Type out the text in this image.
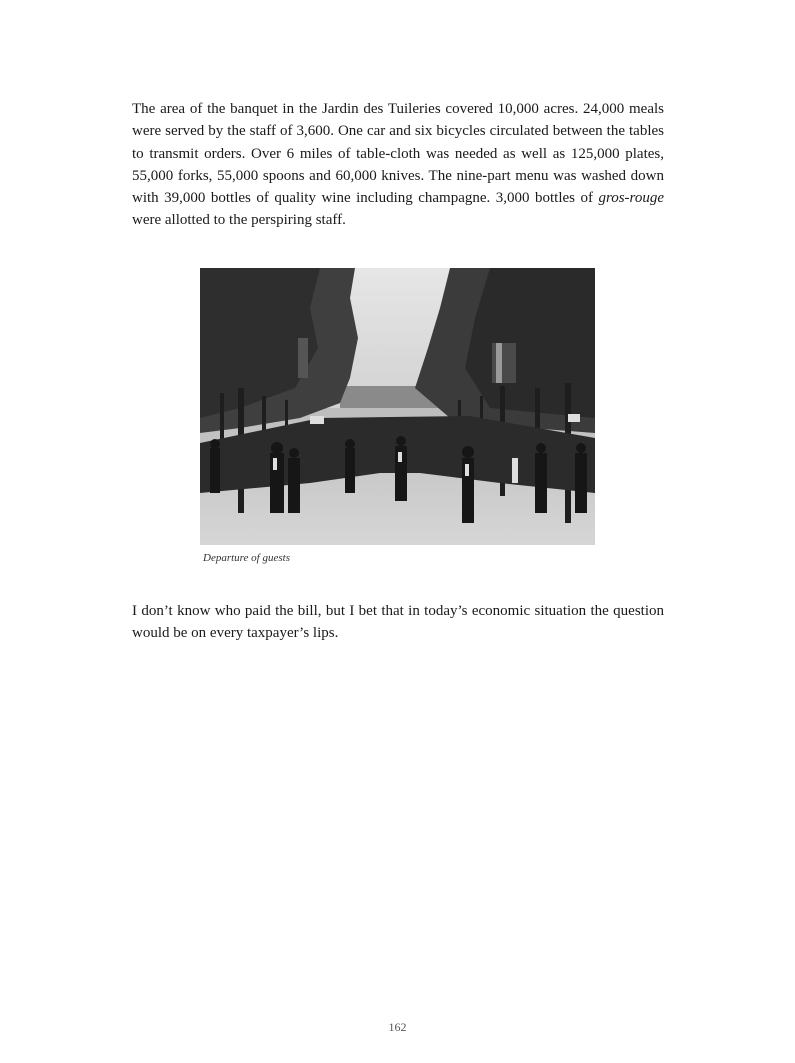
The area of the banquet in the Jardin des Tuileries covered 10,000 acres. 24,000 meals were served by the staff of 3,600. One car and six bicycles circulated between the tables to transmit orders. Over 6 miles of table-cloth was needed as well as 125,000 plates, 55,000 forks, 55,000 spoons and 60,000 knives. The nine-part menu was washed down with 39,000 bottles of quality wine including champagne. 3,000 bottles of gros-rouge were allotted to the perspiring staff.

Departure of guests

I don’t know who paid the bill, but I bet that in today’s economic situation the question would be on every taxpayer’s lips.

162
